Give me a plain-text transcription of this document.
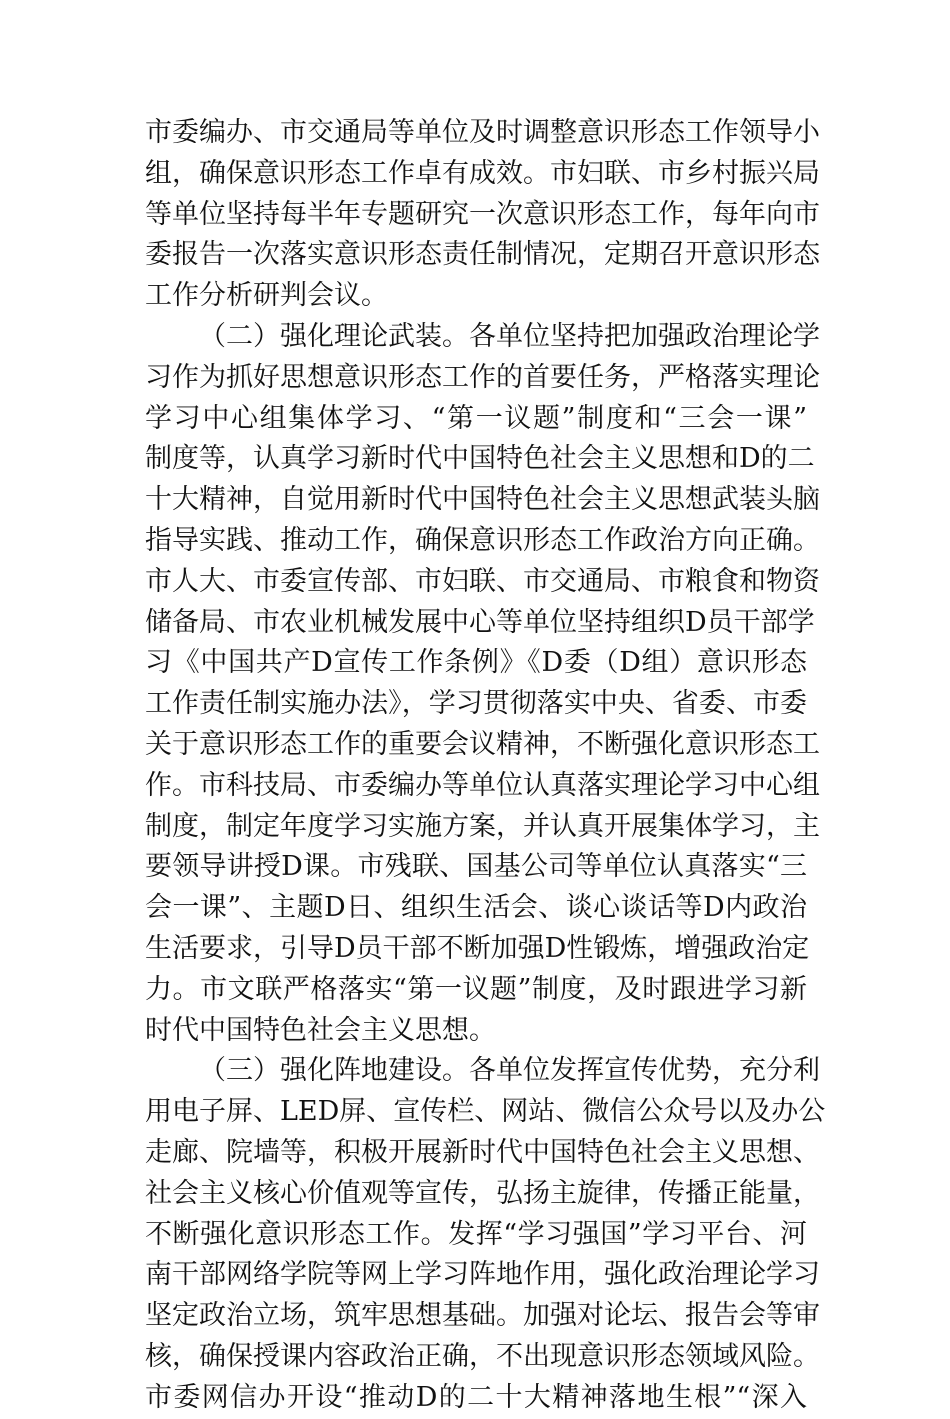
市委编办、市交通局等单位及时调整意识形态工作领导小
组，确保意识形态工作卓有成效。市妇联、市乡村振兴局
等单位坚持每半年专题研究一次意识形态工作，每年向市
委报告一次落实意识形态责任制情况，定期召开意识形态
工作分析研判会议。
（二）强化理论武装。各单位坚持把加强政治理论学
习作为抓好思想意识形态工作的首要任务，严格落实理论
学习中心组集体学习、“第一议题”制度和“三会一课”
制度等，认真学习新时代中国特色社会主义思想和D的二
十大精神，自觉用新时代中国特色社会主义思想武装头脑
指导实践、推动工作，确保意识形态工作政治方向正确。
市人大、市委宣传部、市妇联、市交通局、市粮食和物资
储备局、市农业机械发展中心等单位坚持组织D员干部学
习《中国共产D宣传工作条例》《D委（D组）意识形态
工作责任制实施办法》，学习贯彻落实中央、省委、市委
关于意识形态工作的重要会议精神，不断强化意识形态工
作。市科技局、市委编办等单位认真落实理论学习中心组
制度，制定年度学习实施方案，并认真开展集体学习，主
要领导讲授D课。市残联、国基公司等单位认真落实“三
会一课”、主题D日、组织生活会、谈心谈话等D内政治
生活要求，引导D员干部不断加强D性锻炼，增强政治定
力。市文联严格落实“第一议题”制度，及时跟进学习新
时代中国特色社会主义思想。
（三）强化阵地建设。各单位发挥宣传优势，充分利
用电子屏、LED屏、宣传栏、网站、微信公众号以及办公
走廊、院墙等，积极开展新时代中国特色社会主义思想、
社会主义核心价值观等宣传，弘扬主旋律，传播正能量，
不断强化意识形态工作。发挥“学习强国”学习平台、河
南干部网络学院等网上学习阵地作用，强化政治理论学习
坚定政治立场，筑牢思想基础。加强对论坛、报告会等审
核，确保授课内容政治正确，不出现意识形态领域风险。
市委网信办开设“推动D的二十大精神落地生根”“深入
